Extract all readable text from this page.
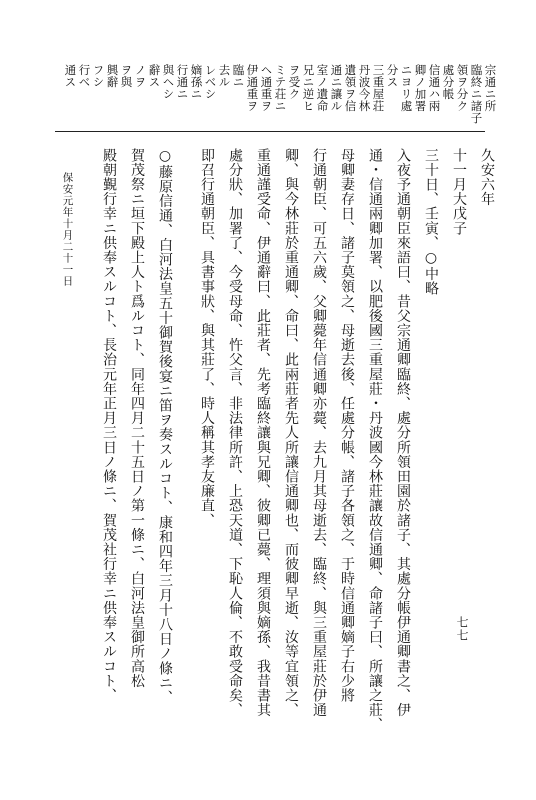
宗通ニ所
臨終ニ諸子
領ヲ分ク
處分帳
信通ハ兩
卿ノ加署
ニヨリ處
分ス
三重屋荘
丹波今林
遺領ヲ信
通ニ讓ル
室ノ遺命
兄ニ逆ヒ
ヲ受ク
ミテ荘ニ
ヘ通重ヲ
伊通重ヲ
臨ニ
去ル
レベシ
嫡孫ニ
行通ニ
與ヘシ
辭ス
ノヲ
ヲ與
興辭
フシ
行ベ
通ス
久安六年
十一月大戊子
三十日、壬寅、○中略
入夜予通朝臣來語曰、昔父宗通卿臨終、處分所領田園於諸子、其處分帳伊通卿書之、伊
通・信通兩卿加署、以肥後國三重屋莊・丹波國今林莊讓故信通卿、命諸子曰、所讓之莊、
母卿妻存日、諸子莫領之、母逝去後、任處分帳、諸子各領之、于時信通卿嫡子右少將
行通朝臣、可五六歲、父卿薨年信通卿亦薨、去九月其母逝去、臨終、與三重屋莊於伊通
卿、與今林莊於重通卿、命曰、此兩莊者先人所讓信通卿也、而彼卿早逝、汝等宜領之、
重通謹受命、伊通辭曰、此莊者、先考臨終讓與兄卿、彼卿已薨、理須與嫡孫、我昔書其
處分狀、加署了、今受母命、忤父言、非法律所許、上恐天道、下恥人倫、不敢受命矣、
即召行通朝臣、具書事狀、與其莊了、時人稱其孝友廉直、
○藤原信通、白河法皇五十御賀後宴ニ笛ヲ奏スルコト、康和四年三月十八日ノ條ニ、
賀茂祭ニ垣下殿上人ト爲ルコト、同年四月二十五日ノ第一條ニ、白河法皇御所高松
殿朝覲行幸ニ供奉スルコト、長治元年正月三日ノ條ニ、賀茂社行幸ニ供奉スルコト、
保安元年十月二十一日
七七
